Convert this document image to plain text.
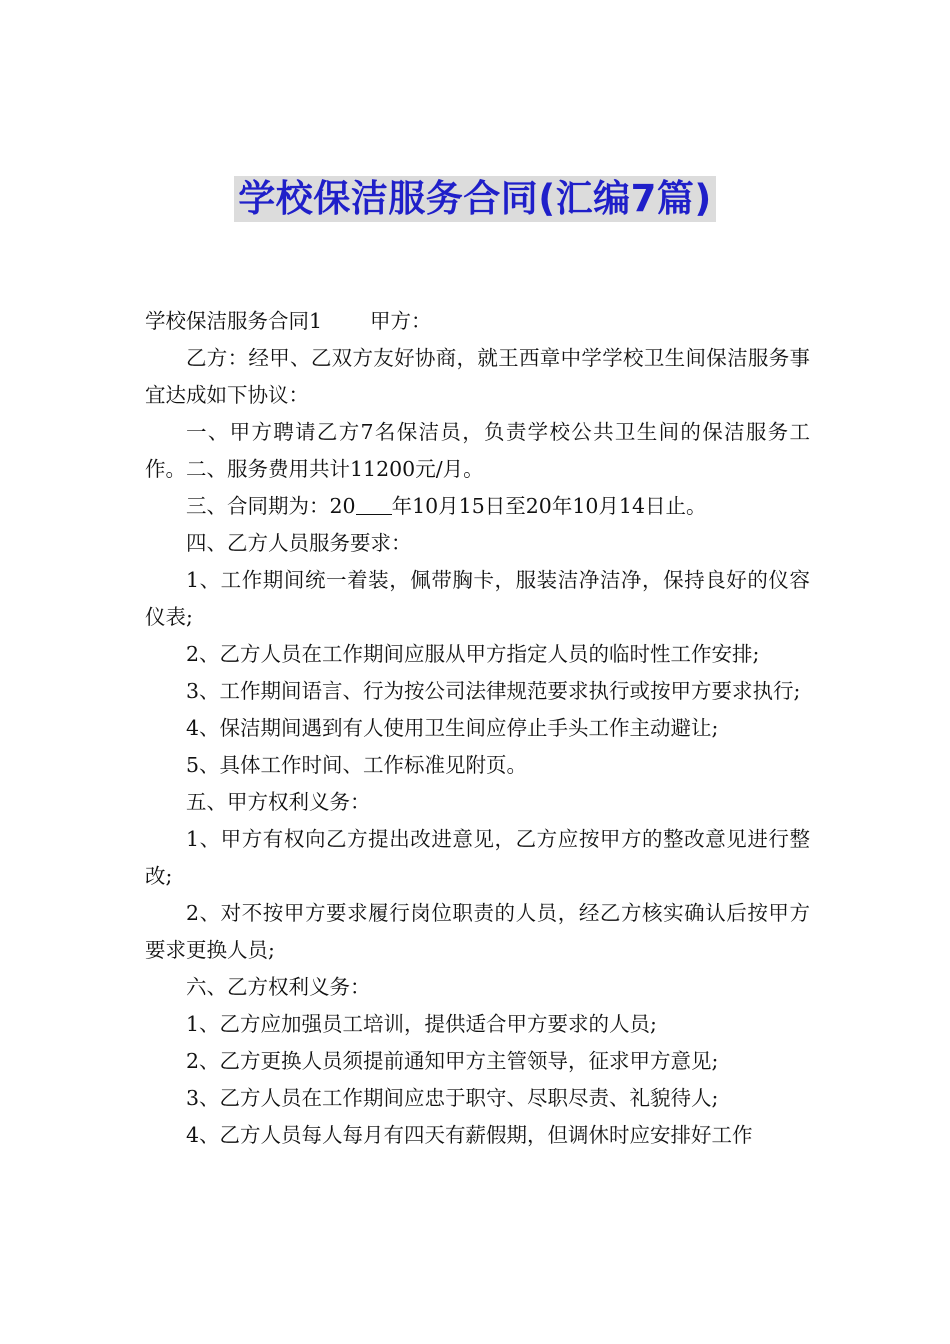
学校保洁服务合同(汇编7篇)

学校保洁服务合同1 甲方：

乙方：经甲、乙双方友好协商，就王西章中学学校卫生间保洁服务事宜达成如下协议：

一、甲方聘请乙方7名保洁员，负责学校公共卫生间的保洁服务工作。二、服务费用共计11200元/月。

三、合同期为：20 年10月15日至20年10月14日止。

四、乙方人员服务要求：

1、工作期间统一着装，佩带胸卡，服装洁净洁净，保持良好的仪容仪表;

2、乙方人员在工作期间应服从甲方指定人员的临时性工作安排;

3、工作期间语言、行为按公司法律规范要求执行或按甲方要求执行;

4、保洁期间遇到有人使用卫生间应停止手头工作主动避让;

5、具体工作时间、工作标准见附页。

五、甲方权利义务：

1、甲方有权向乙方提出改进意见，乙方应按甲方的整改意见进行整改;

2、对不按甲方要求履行岗位职责的人员，经乙方核实确认后按甲方要求更换人员;

六、乙方权利义务：

1、乙方应加强员工培训，提供适合甲方要求的人员;

2、乙方更换人员须提前通知甲方主管领导，征求甲方意见;

3、乙方人员在工作期间应忠于职守、尽职尽责、礼貌待人;

4、乙方人员每人每月有四天有薪假期，但调休时应安排好工作
